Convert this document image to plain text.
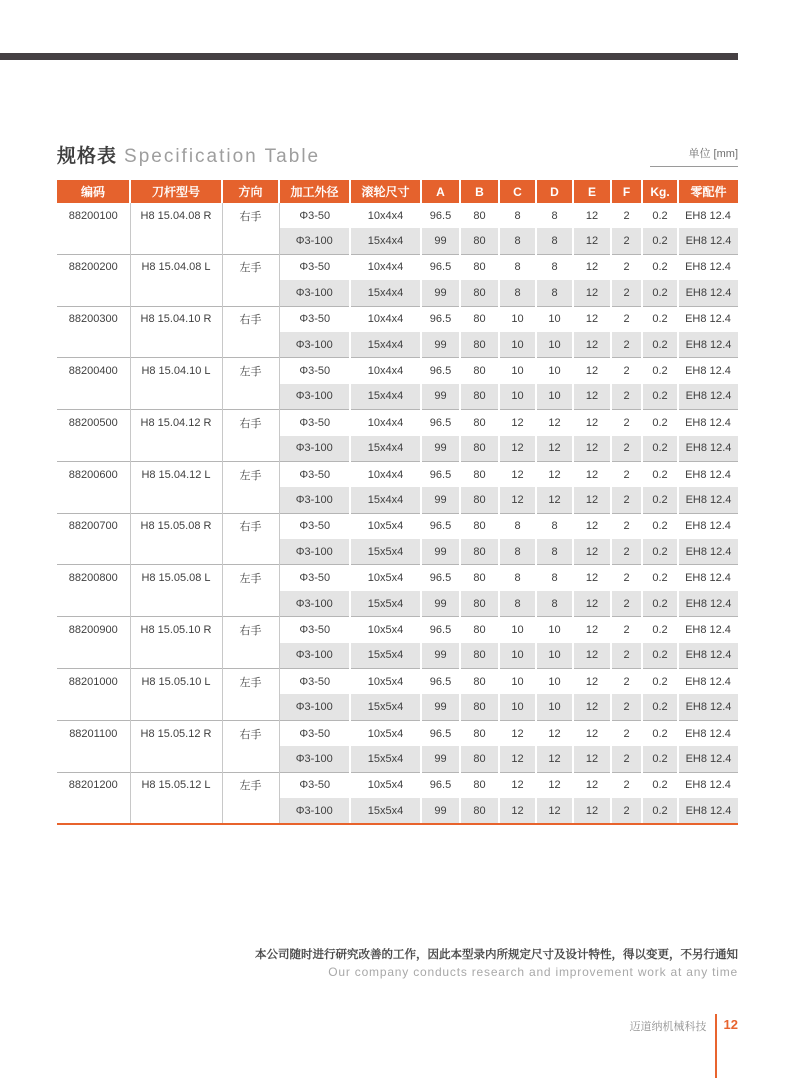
规格表 Specification Table	单位 [mm]
编码	刀杆型号	方向	加工外径	滚轮尺寸	A	B	C	D	E	F	Kg.	零配件

88200100	H8 15.04.08 R	右手	Φ3-50	10x4x4	96.5	80	8	8	12	2	0.2	EH8 12.4
			Φ3-100	15x4x4	99	80	8	8	12	2	0.2	EH8 12.4

88200200	H8 15.04.08 L	左手	Φ3-50	10x4x4	96.5	80	8	8	12	2	0.2	EH8 12.4
			Φ3-100	15x4x4	99	80	8	8	12	2	0.2	EH8 12.4

88200300	H8 15.04.10 R	右手	Φ3-50	10x4x4	96.5	80	10	10	12	2	0.2	EH8 12.4
			Φ3-100	15x4x4	99	80	10	10	12	2	0.2	EH8 12.4

88200400	H8 15.04.10 L	左手	Φ3-50	10x4x4	96.5	80	10	10	12	2	0.2	EH8 12.4
			Φ3-100	15x4x4	99	80	10	10	12	2	0.2	EH8 12.4

88200500	H8 15.04.12 R	右手	Φ3-50	10x4x4	96.5	80	12	12	12	2	0.2	EH8 12.4
			Φ3-100	15x4x4	99	80	12	12	12	2	0.2	EH8 12.4

88200600	H8 15.04.12 L	左手	Φ3-50	10x4x4	96.5	80	12	12	12	2	0.2	EH8 12.4
			Φ3-100	15x4x4	99	80	12	12	12	2	0.2	EH8 12.4

88200700	H8 15.05.08 R	右手	Φ3-50	10x5x4	96.5	80	8	8	12	2	0.2	EH8 12.4
			Φ3-100	15x5x4	99	80	8	8	12	2	0.2	EH8 12.4

88200800	H8 15.05.08 L	左手	Φ3-50	10x5x4	96.5	80	8	8	12	2	0.2	EH8 12.4
			Φ3-100	15x5x4	99	80	8	8	12	2	0.2	EH8 12.4

88200900	H8 15.05.10 R	右手	Φ3-50	10x5x4	96.5	80	10	10	12	2	0.2	EH8 12.4
			Φ3-100	15x5x4	99	80	10	10	12	2	0.2	EH8 12.4

88201000	H8 15.05.10 L	左手	Φ3-50	10x5x4	96.5	80	10	10	12	2	0.2	EH8 12.4
			Φ3-100	15x5x4	99	80	10	10	12	2	0.2	EH8 12.4

88201100	H8 15.05.12 R	右手	Φ3-50	10x5x4	96.5	80	12	12	12	2	0.2	EH8 12.4
			Φ3-100	15x5x4	99	80	12	12	12	2	0.2	EH8 12.4

88201200	H8 15.05.12 L	左手	Φ3-50	10x5x4	96.5	80	12	12	12	2	0.2	EH8 12.4
			Φ3-100	15x5x4	99	80	12	12	12	2	0.2	EH8 12.4
本公司随时进行研究改善的工作，因此本型录内所规定尺寸及设计特性，得以变更，不另行通知
Our company conducts research and improvement work at any time
迈道纳机械科技 12
